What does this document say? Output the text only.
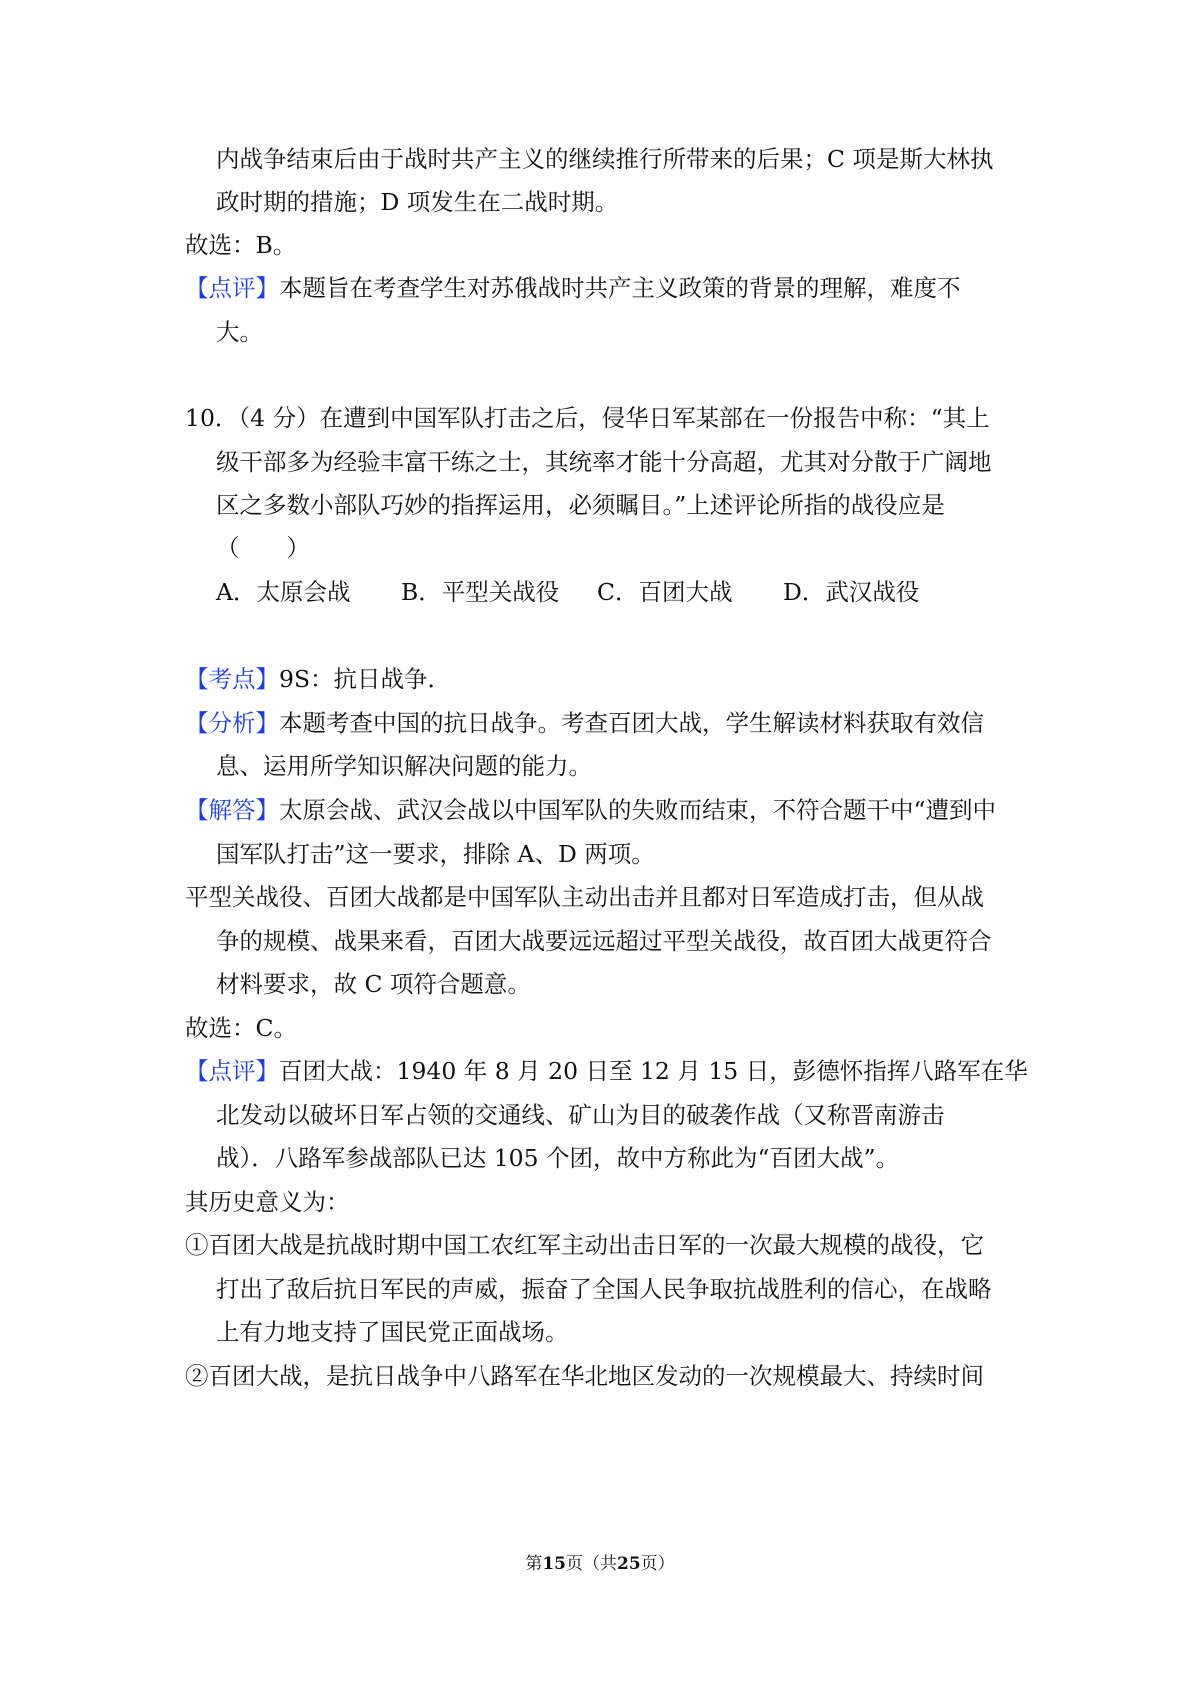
内战争结束后由于战时共产主义的继续推行所带来的后果；C 项是斯大林执
政时期的措施；D 项发生在二战时期。
故选：B。
【点评】本题旨在考查学生对苏俄战时共产主义政策的背景的理解，难度不
大。
10．（4 分）在遭到中国军队打击之后，侵华日军某部在一份报告中称：“其上
级干部多为经验丰富干练之士，其统率才能十分高超，尤其对分散于广阔地
区之多数小部队巧妙的指挥运用，必须瞩目。”上述评论所指的战役应是
（　　）
A．太原会战 B．平型关战役 C．百团大战 D．武汉战役
【考点】9S：抗日战争．
【分析】本题考查中国的抗日战争。考查百团大战，学生解读材料获取有效信
息、运用所学知识解决问题的能力。
【解答】太原会战、武汉会战以中国军队的失败而结束，不符合题干中“遭到中
国军队打击”这一要求，排除 A、D 两项。
平型关战役、百团大战都是中国军队主动出击并且都对日军造成打击，但从战
争的规模、战果来看，百团大战要远远超过平型关战役，故百团大战更符合
材料要求，故 C 项符合题意。
故选：C。
【点评】百团大战：1940 年 8 月 20 日至 12 月 15 日，彭德怀指挥八路军在华
北发动以破坏日军占领的交通线、矿山为目的破袭作战（又称晋南游击
战）．八路军参战部队已达 105 个团，故中方称此为“百团大战”。
其历史意义为：
①百团大战是抗战时期中国工农红军主动出击日军的一次最大规模的战役，它
打出了敌后抗日军民的声威，振奋了全国人民争取抗战胜利的信心，在战略
上有力地支持了国民党正面战场。
②百团大战，是抗日战争中八路军在华北地区发动的一次规模最大、持续时间
第15页（共25页）
